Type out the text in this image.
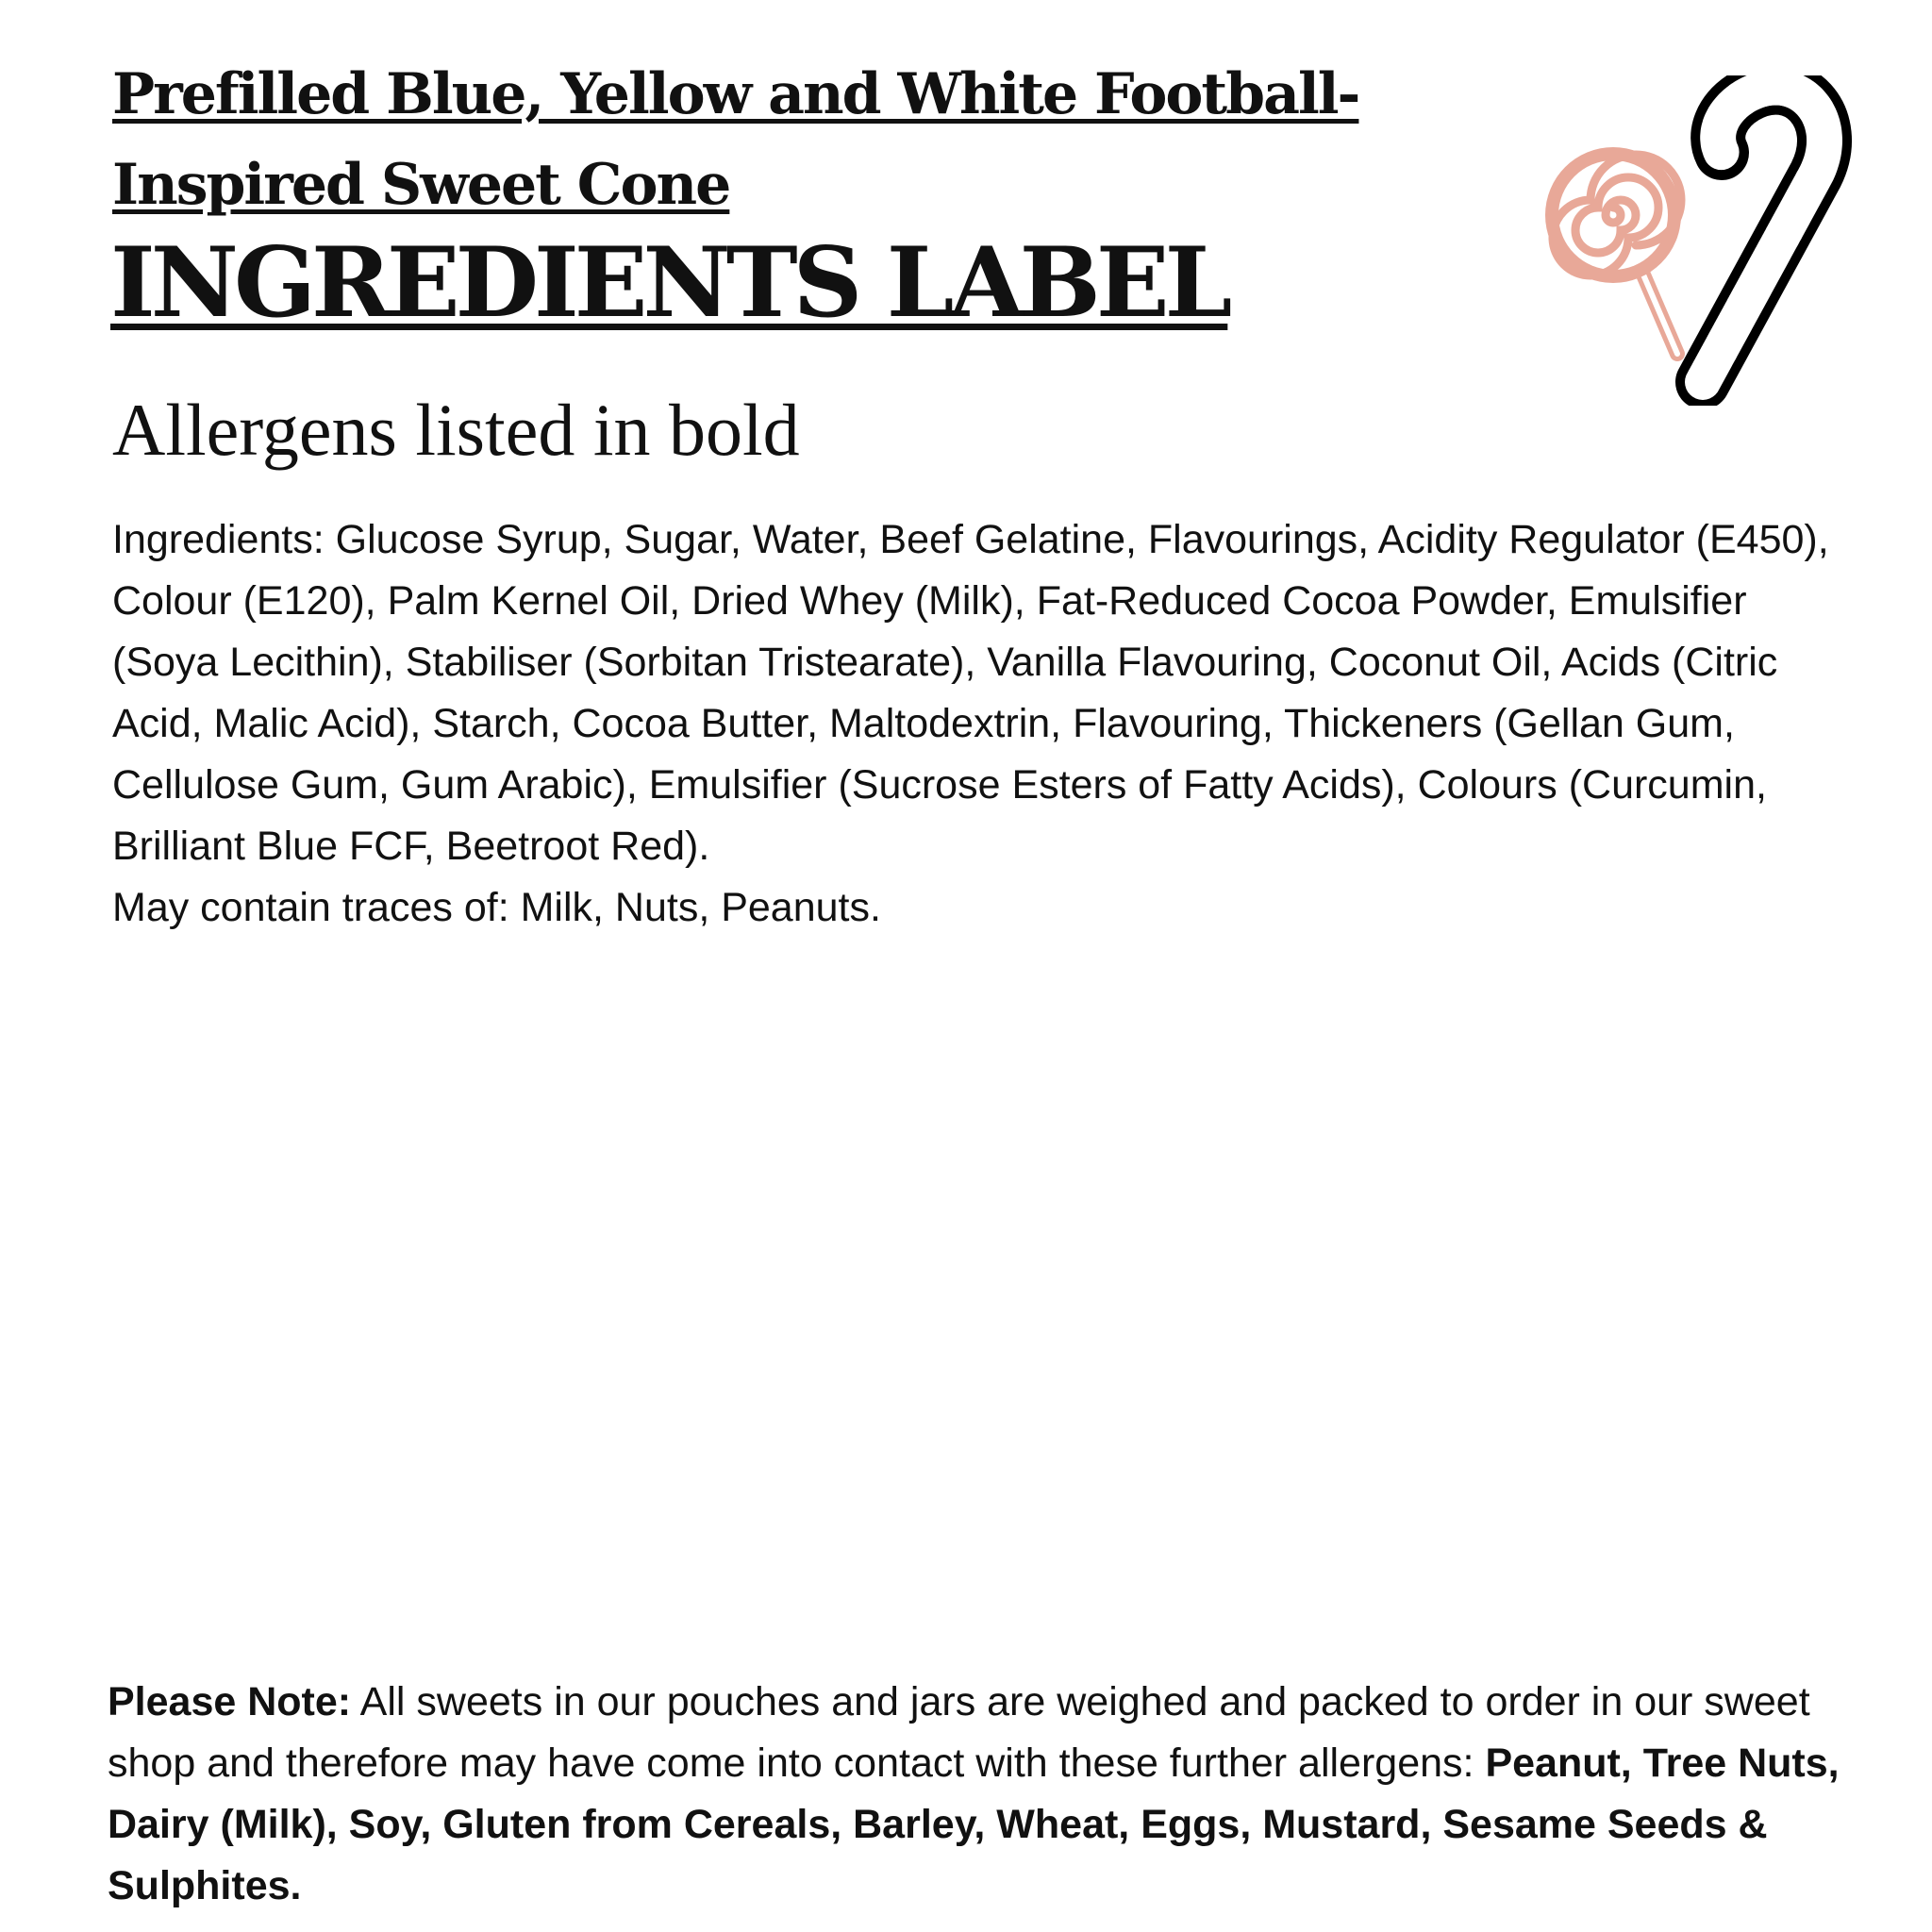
Prefilled Blue, Yellow and White Football-Inspired Sweet Cone
INGREDIENTS LABEL
Allergens listed in bold

Ingredients: Glucose Syrup, Sugar, Water, Beef Gelatine, Flavourings, Acidity Regulator (E450), Colour (E120), Palm Kernel Oil, Dried Whey (Milk), Fat-Reduced Cocoa Powder, Emulsifier (Soya Lecithin), Stabiliser (Sorbitan Tristearate), Vanilla Flavouring, Coconut Oil, Acids (Citric Acid, Malic Acid), Starch, Cocoa Butter, Maltodextrin, Flavouring, Thickeners (Gellan Gum, Cellulose Gum, Gum Arabic), Emulsifier (Sucrose Esters of Fatty Acids), Colours (Curcumin, Brilliant Blue FCF, Beetroot Red).

May contain traces of: Milk, Nuts, Peanuts.

Please Note: All sweets in our pouches and jars are weighed and packed to order in our sweet shop and therefore may have come into contact with these further allergens: Peanut, Tree Nuts, Dairy (Milk), Soy, Gluten from Cereals, Barley, Wheat, Eggs, Mustard, Sesame Seeds & Sulphites.
